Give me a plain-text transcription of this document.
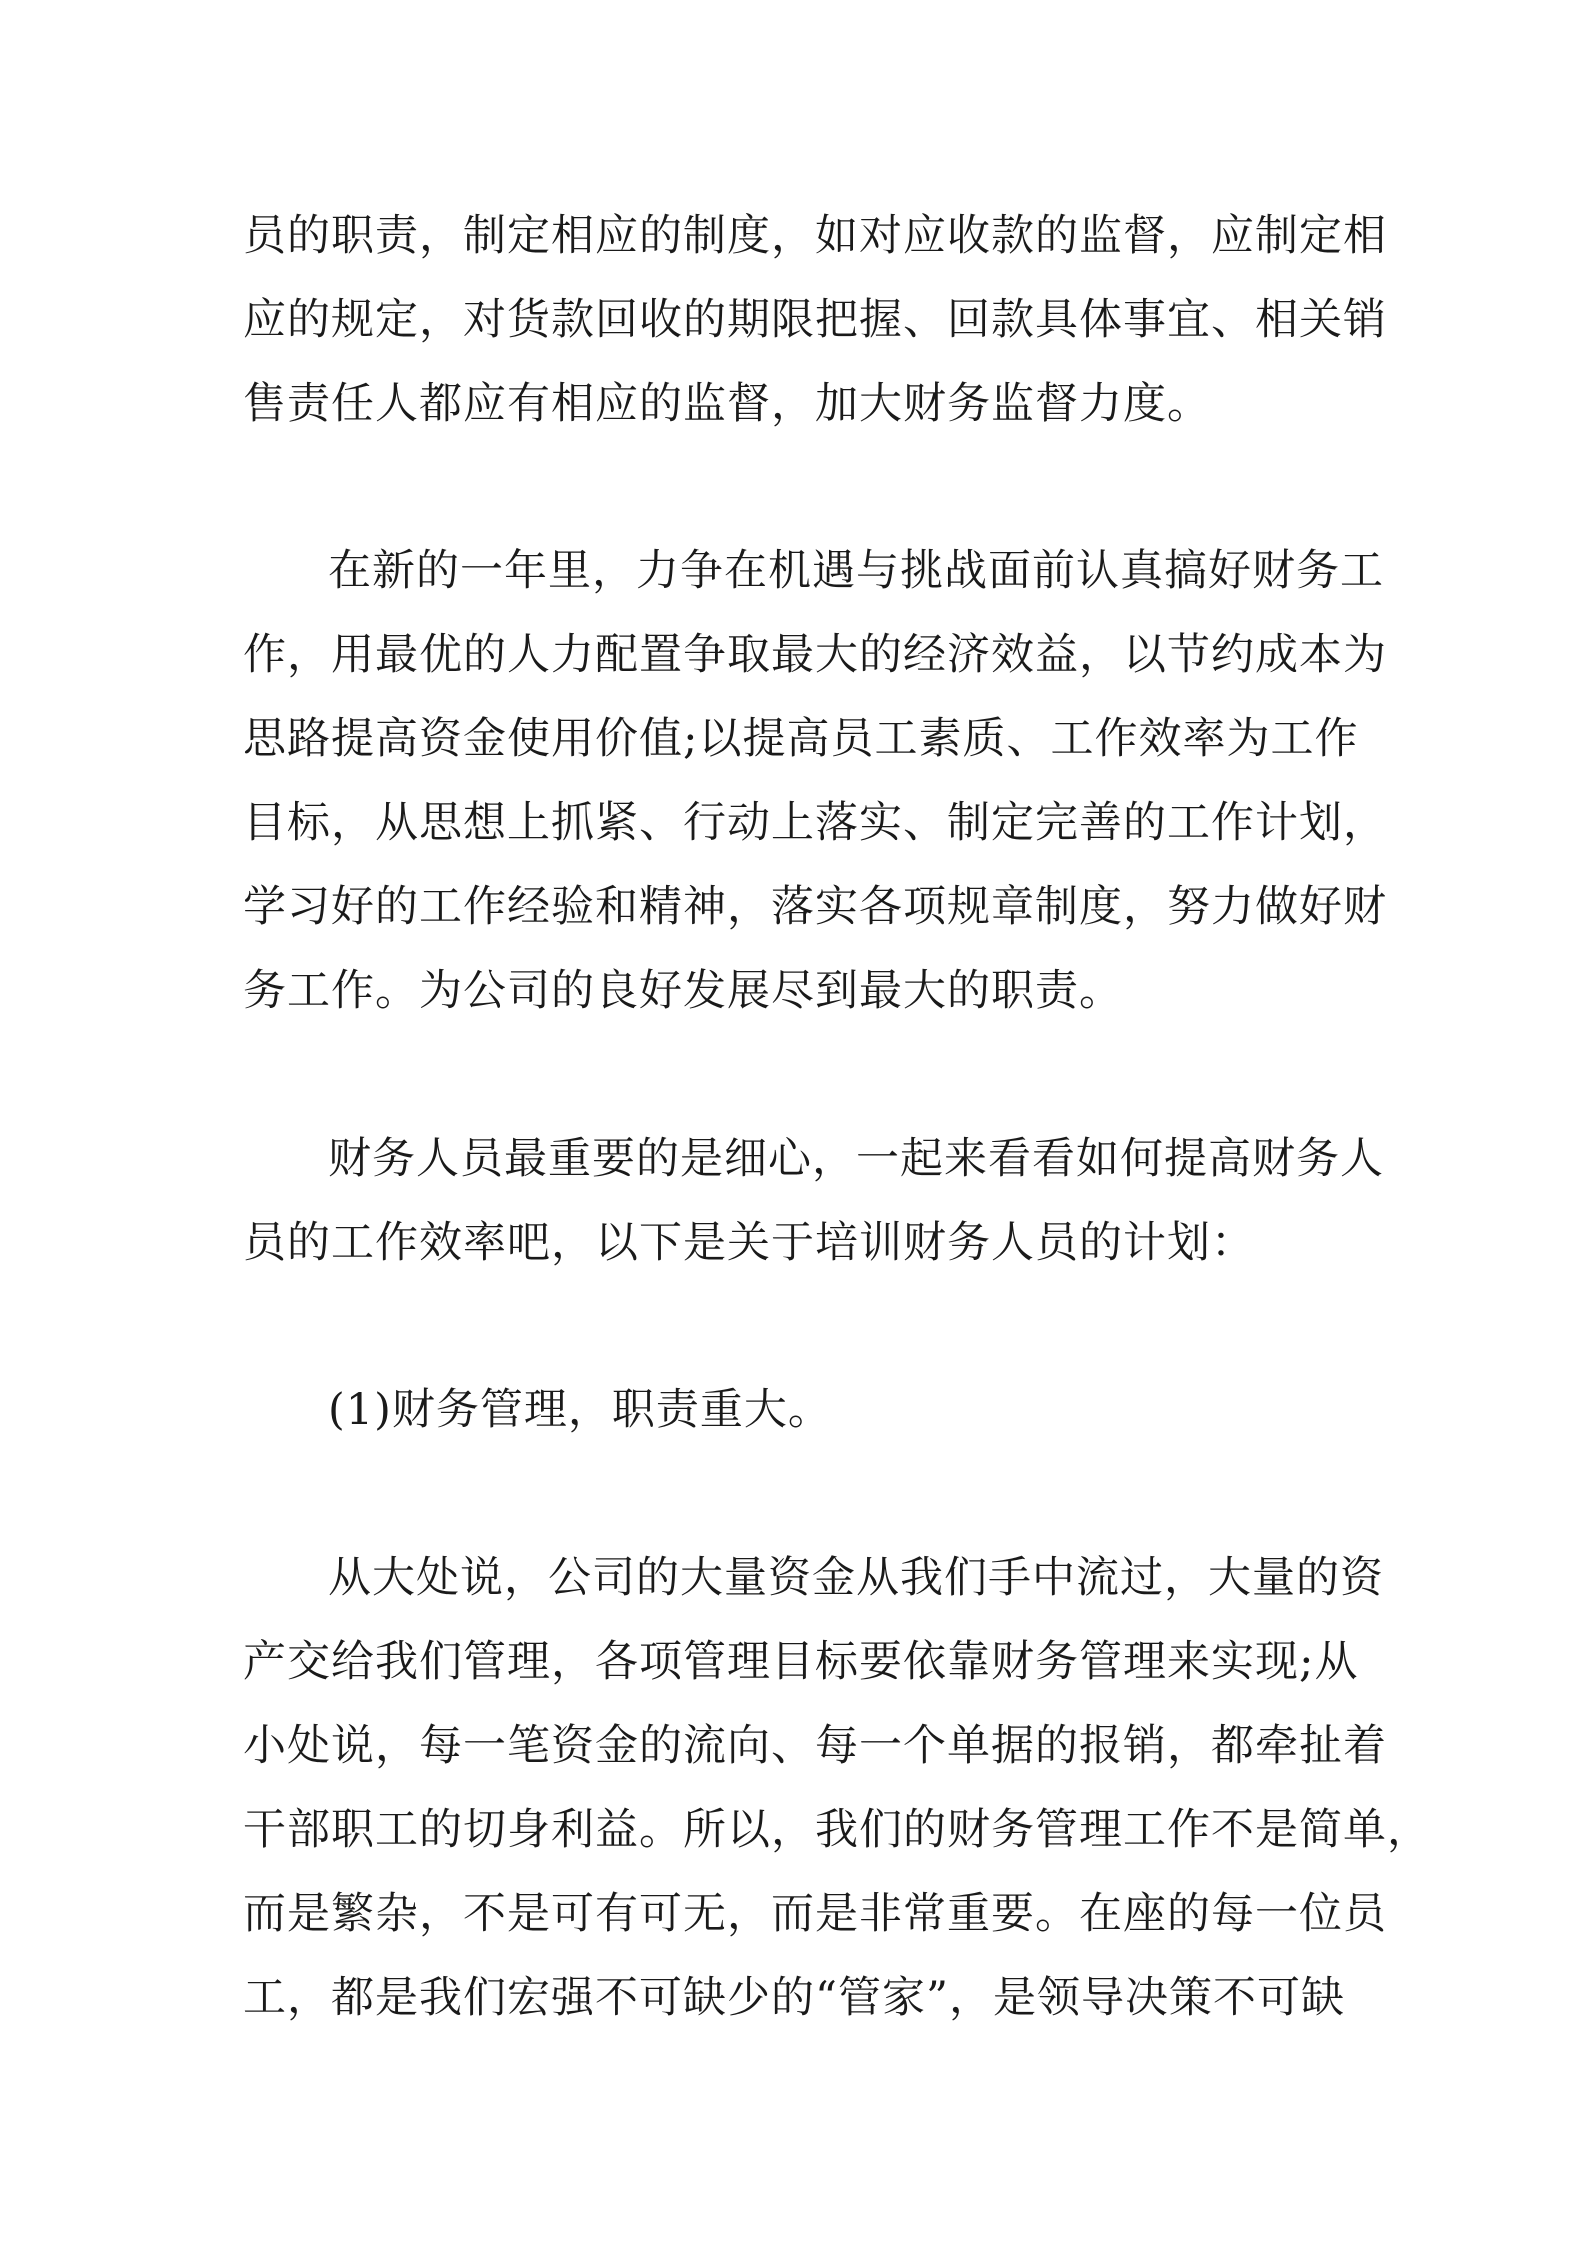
员的职责，制定相应的制度，如对应收款的监督，应制定相
应的规定，对货款回收的期限把握、回款具体事宜、相关销
售责任人都应有相应的监督，加大财务监督力度。
在新的一年里，力争在机遇与挑战面前认真搞好财务工
作，用最优的人力配置争取最大的经济效益，以节约成本为
思路提高资金使用价值;以提高员工素质、工作效率为工作
目标，从思想上抓紧、行动上落实、制定完善的工作计划，
学习好的工作经验和精神，落实各项规章制度，努力做好财
务工作。为公司的良好发展尽到最大的职责。
财务人员最重要的是细心，一起来看看如何提高财务人
员的工作效率吧，以下是关于培训财务人员的计划：
(1)财务管理，职责重大。
从大处说，公司的大量资金从我们手中流过，大量的资
产交给我们管理，各项管理目标要依靠财务管理来实现;从
小处说，每一笔资金的流向、每一个单据的报销，都牵扯着
干部职工的切身利益。所以，我们的财务管理工作不是简单，
而是繁杂，不是可有可无，而是非常重要。在座的每一位员
工，都是我们宏强不可缺少的“管家”，是领导决策不可缺
